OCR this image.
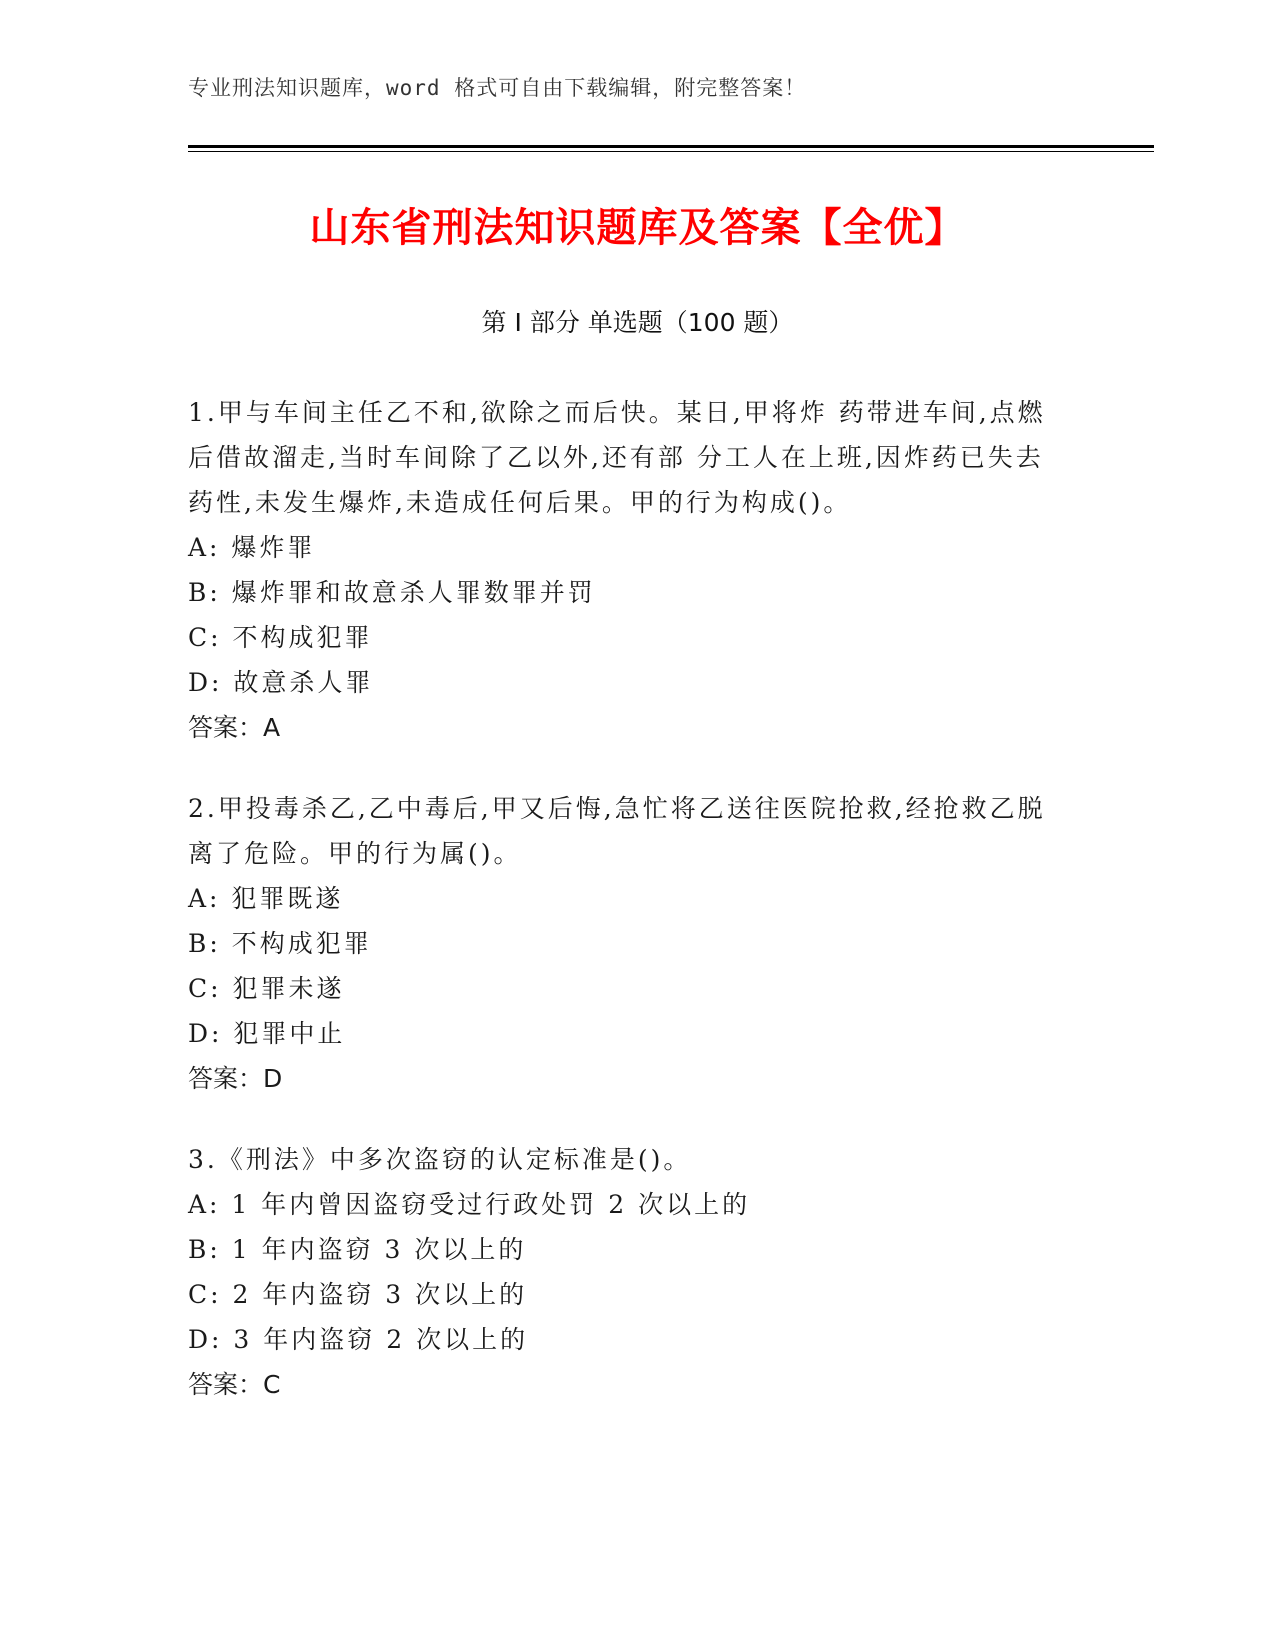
专业刑法知识题库，word 格式可自由下载编辑，附完整答案！
山东省刑法知识题库及答案【全优】
第 I 部分 单选题（100 题）

1.甲与车间主任乙不和,欲除之而后快。某日,甲将炸 药带进车间,点燃后借故溜走,当时车间除了乙以外,还有部 分工人在上班,因炸药已失去药性,未发生爆炸,未造成任何后果。甲的行为构成()。

A: 爆炸罪

B: 爆炸罪和故意杀人罪数罪并罚

C: 不构成犯罪

D: 故意杀人罪

答案：A

2.甲投毒杀乙,乙中毒后,甲又后悔,急忙将乙送往医院抢救,经抢救乙脱离了危险。甲的行为属()。

A: 犯罪既遂

B: 不构成犯罪

C: 犯罪未遂

D: 犯罪中止

答案：D

3.《刑法》中多次盗窃的认定标准是()。

A: 1 年内曾因盗窃受过行政处罚 2 次以上的

B: 1 年内盗窃 3 次以上的

C: 2 年内盗窃 3 次以上的

D: 3 年内盗窃 2 次以上的

答案：C
